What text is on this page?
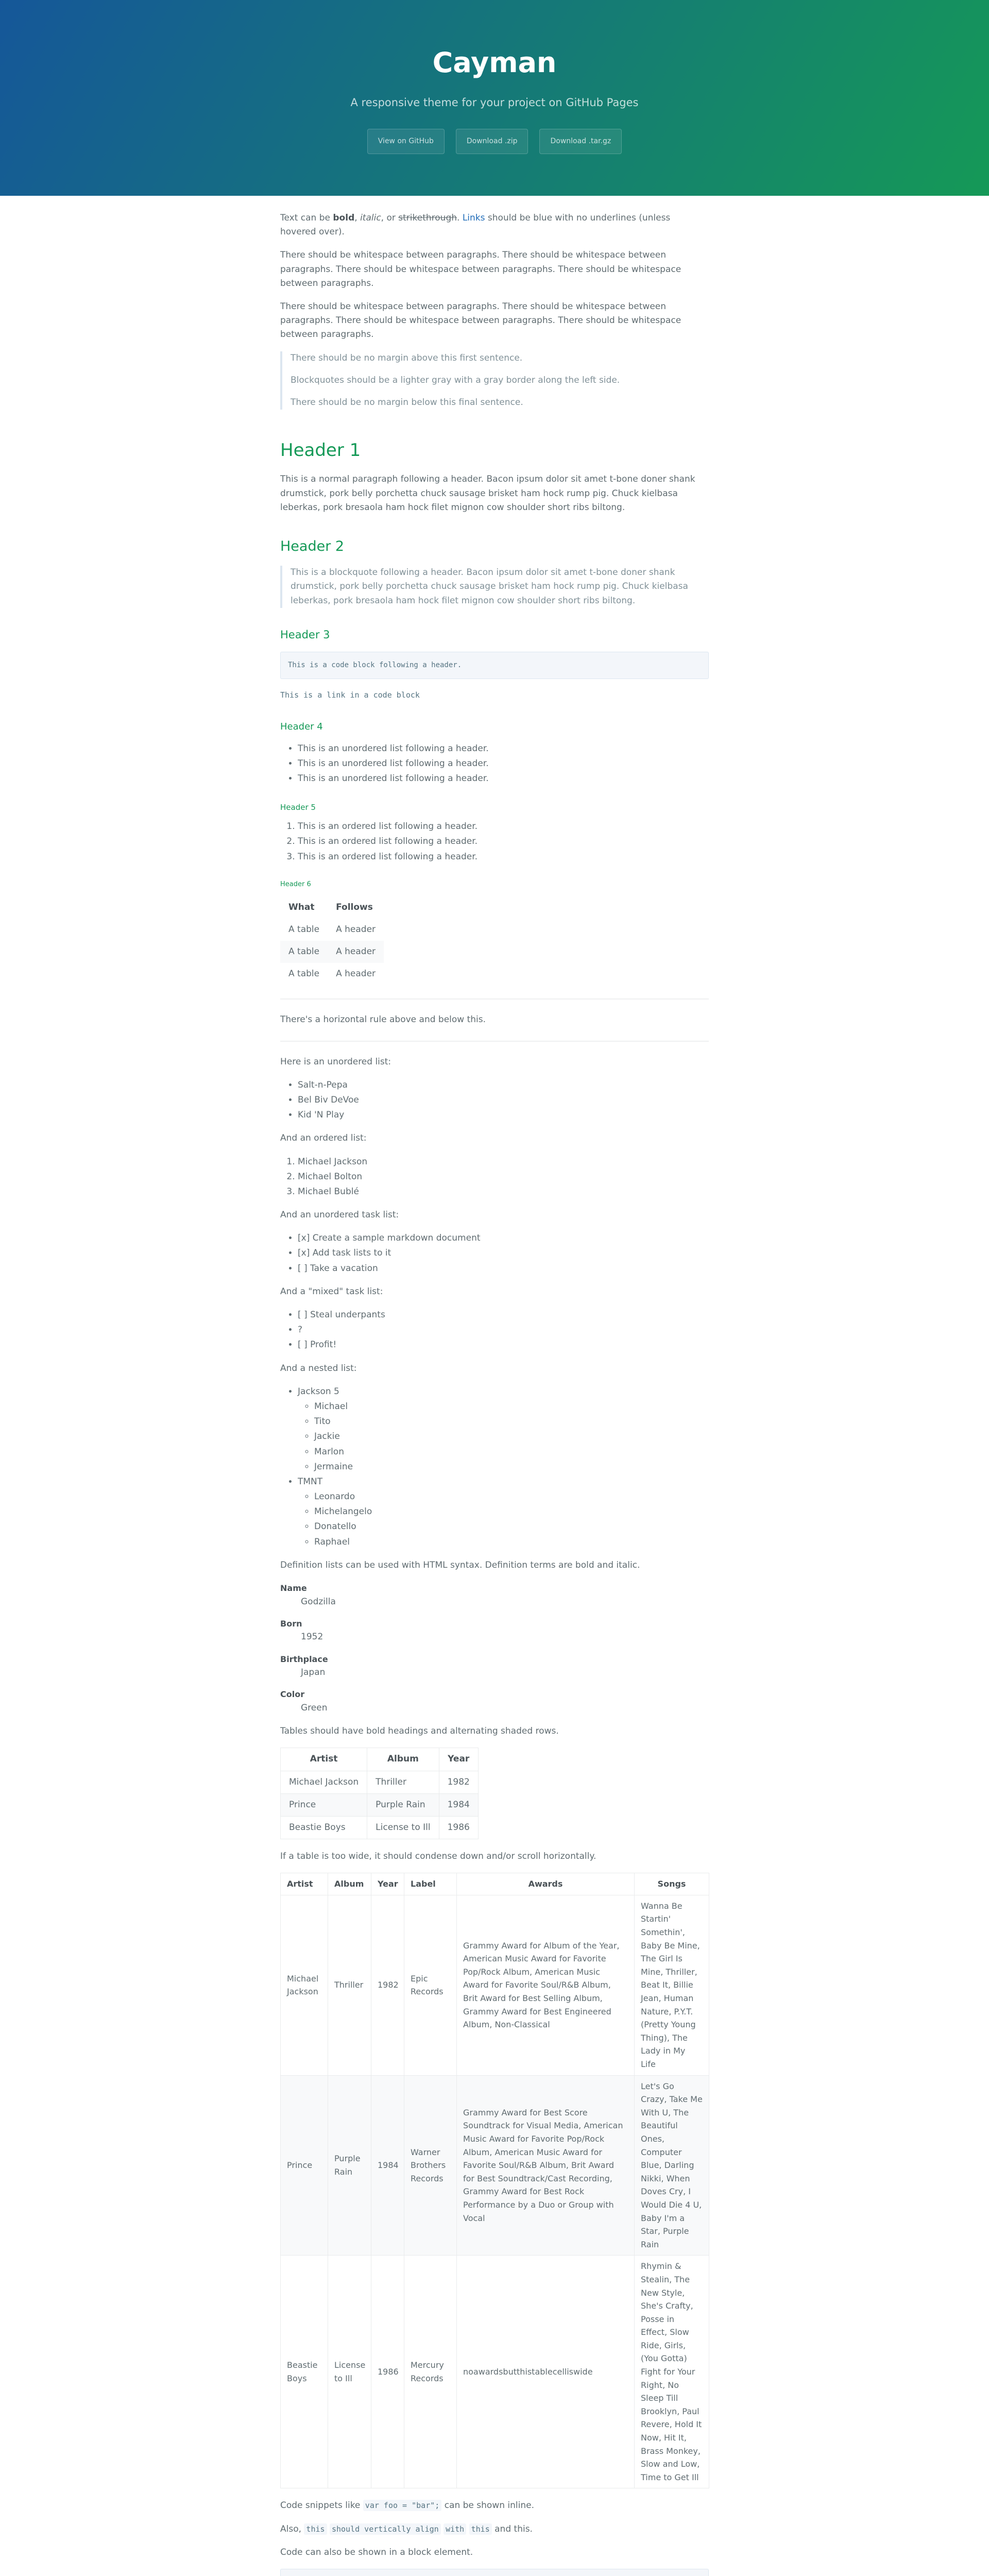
Cayman
A responsive theme for your project on GitHub Pages
View on GitHub	Download .zip	Download .tar.gz

Text can be bold, italic, or strikethrough. Links should be blue with no underlines (unless hovered over).

There should be whitespace between paragraphs. There should be whitespace between paragraphs. There should be whitespace between paragraphs. There should be whitespace between paragraphs.

There should be whitespace between paragraphs. There should be whitespace between paragraphs. There should be whitespace between paragraphs. There should be whitespace between paragraphs.

There should be no margin above this first sentence.

Blockquotes should be a lighter gray with a gray border along the left side.

There should be no margin below this final sentence.

Header 1

This is a normal paragraph following a header. Bacon ipsum dolor sit amet t-bone doner shank drumstick, pork belly porchetta chuck sausage brisket ham hock rump pig. Chuck kielbasa leberkas, pork bresaola ham hock filet mignon cow shoulder short ribs biltong.

Header 2

This is a blockquote following a header. Bacon ipsum dolor sit amet t-bone doner shank drumstick, pork belly porchetta chuck sausage brisket ham hock rump pig. Chuck kielbasa leberkas, pork bresaola ham hock filet mignon cow shoulder short ribs biltong.

Header 3
This is a code block following a header.

This is a link in a code block

Header 4
• This is an unordered list following a header.
• This is an unordered list following a header.
• This is an unordered list following a header.
Header 5
1. This is an ordered list following a header.
2. This is an ordered list following a header.
3. This is an ordered list following a header.
Header 6
What	Follows
A table	A header
A table	A header
A table	A header

There's a horizontal rule above and below this.

Here is an unordered list:

• Salt-n-Pepa
• Bel Biv DeVoe
• Kid 'N Play

And an ordered list:

1. Michael Jackson
2. Michael Bolton
3. Michael Bublé

And an unordered task list:

• [x] Create a sample markdown document
• [x] Add task lists to it
• [ ] Take a vacation

And a "mixed" task list:

• [ ] Steal underpants
• ?
• [ ] Profit!

And a nested list:

• Jackson 5
◦ Michael
◦ Tito
◦ Jackie
◦ Marlon
◦ Jermaine
• TMNT
◦ Leonardo
◦ Michelangelo
◦ Donatello
◦ Raphael

Definition lists can be used with HTML syntax. Definition terms are bold and italic.

Name
Godzilla
Born
1952
Birthplace
Japan
Color
Green

Tables should have bold headings and alternating shaded rows.

Artist	Album	Year
Michael Jackson	Thriller	1982
Prince	Purple Rain	1984
Beastie Boys	License to Ill	1986

If a table is too wide, it should condense down and/or scroll horizontally.

Artist	Album	Year	Label	Awards	Songs
Michael Jackson	Thriller	1982	Epic Records	Grammy Award for Album of the Year, American Music Award for Favorite Pop/Rock Album, American Music Award for Favorite Soul/R&B Album, Brit Award for Best Selling Album, Grammy Award for Best Engineered Album, Non-Classical	Wanna Be Startin' Somethin', Baby Be Mine, The Girl Is Mine, Thriller, Beat It, Billie Jean, Human Nature, P.Y.T. (Pretty Young Thing), The Lady in My Life
Prince	Purple Rain	1984	Warner Brothers Records	Grammy Award for Best Score Soundtrack for Visual Media, American Music Award for Favorite Pop/Rock Album, American Music Award for Favorite Soul/R&B Album, Brit Award for Best Soundtrack/Cast Recording, Grammy Award for Best Rock Performance by a Duo or Group with Vocal	Let's Go Crazy, Take Me With U, The Beautiful Ones, Computer Blue, Darling Nikki, When Doves Cry, I Would Die 4 U, Baby I'm a Star, Purple Rain
Beastie Boys	License to Ill	1986	Mercury Records	noawardsbutthistablecelliswide	Rhymin & Stealin, The New Style, She's Crafty, Posse in Effect, Slow Ride, Girls, (You Gotta) Fight for Your Right, No Sleep Till Brooklyn, Paul Revere, Hold It Now, Hit It, Brass Monkey, Slow and Low, Time to Get Ill

Code snippets like var foo = "bar"; can be shown inline.

Also, this should vertically align with this and this.

Code can also be shown in a block element.
